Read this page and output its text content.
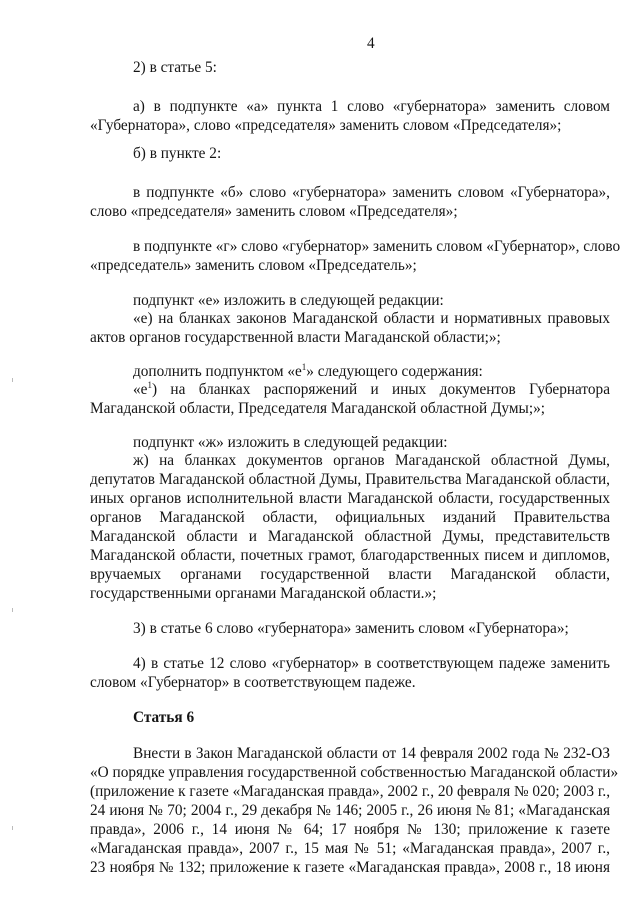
4
2) в статье 5:
а) в подпункте «а» пункта 1 слово «губернатора» заменить словом
«Губернатора», слово «председателя» заменить словом «Председателя»;
б) в пункте 2:
в подпункте «б» слово «губернатора» заменить словом «Губернатора»,
слово «председателя» заменить словом «Председателя»;
в подпункте «г» слово «губернатор» заменить словом «Губернатор», слово
«председатель» заменить словом «Председатель»;
подпункт «е» изложить в следующей редакции:
«е) на бланках законов Магаданской области и нормативных правовых
актов органов государственной власти Магаданской области;»;
дополнить подпунктом «$е^1$» следующего содержания:
«$е^1$) на бланках распоряжений и иных документов Губернатора
Магаданской области, Председателя Магаданской областной Думы;»;
подпункт «ж» изложить в следующей редакции:
ж) на бланках документов органов Магаданской областной Думы,
депутатов Магаданской областной Думы, Правительства Магаданской области,
иных органов исполнительной власти Магаданской области, государственных
органов Магаданской области, официальных изданий Правительства
Магаданской области и Магаданской областной Думы, представительств
Магаданской области, почетных грамот, благодарственных писем и дипломов,
вручаемых органами государственной власти Магаданской области,
государственными органами Магаданской области.»;
3) в статье 6 слово «губернатора» заменить словом «Губернатора»;
4) в статье 12 слово «губернатор» в соответствующем падеже заменить
словом «Губернатор» в соответствующем падеже.
Статья 6
Внести в Закон Магаданской области от 14 февраля 2002 года № 232-ОЗ
«О порядке управления государственной собственностью Магаданской области»
(приложение к газете «Магаданская правда», 2002 г., 20 февраля № 020; 2003 г.,
24 июня № 70; 2004 г., 29 декабря № 146; 2005 г., 26 июня № 81; «Магаданская
правда», 2006 г., 14 июня № 64; 17 ноября № 130; приложение к газете
«Магаданская правда», 2007 г., 15 мая № 51; «Магаданская правда», 2007 г.,
23 ноября № 132; приложение к газете «Магаданская правда», 2008 г., 18 июня
